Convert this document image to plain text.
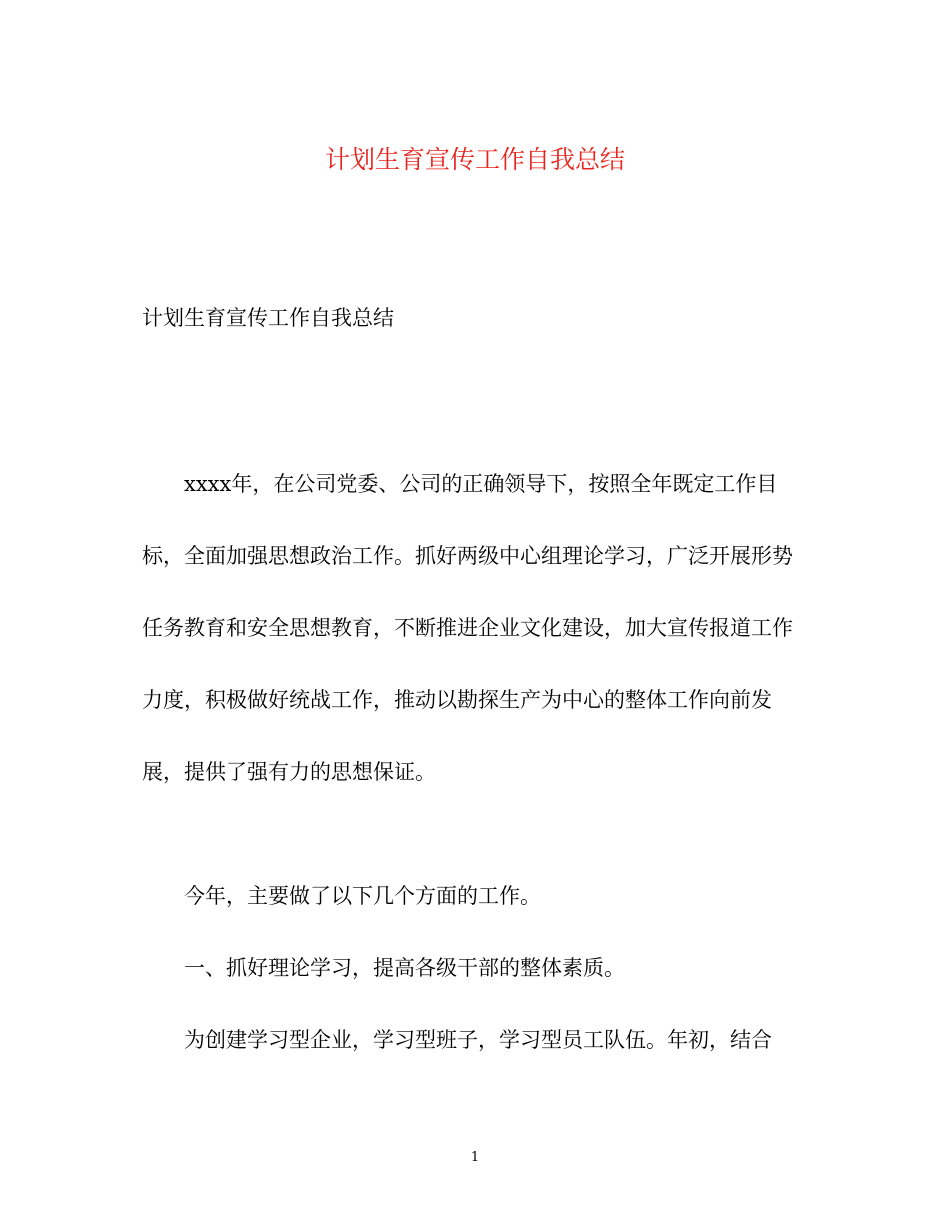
计划生育宣传工作自我总结

计划生育宣传工作自我总结

xxxx年，在公司党委、公司的正确领导下，按照全年既定工作目标，全面加强思想政治工作。抓好两级中心组理论学习，广泛开展形势任务教育和安全思想教育，不断推进企业文化建设，加大宣传报道工作力度，积极做好统战工作，推动以勘探生产为中心的整体工作向前发展，提供了强有力的思想保证。

今年，主要做了以下几个方面的工作。

一、抓好理论学习，提高各级干部的整体素质。

为创建学习型企业，学习型班子，学习型员工队伍。年初，结合

1
